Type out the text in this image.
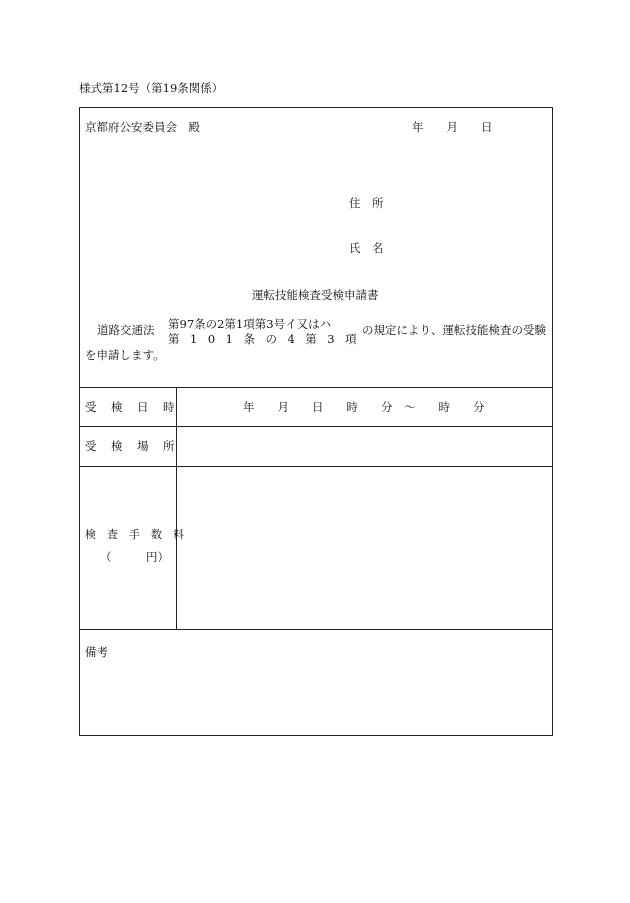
様式第12号（第19条関係）
京都府公安委員会　殿	年　　月　　日
住　所
氏　名
運転技能検査受検申請書
道路交通法 第97条の2第1項第3号イ又はハ
第101条の4第3項
の規定により、運転技能検査の受験
を申請します。
受　検　日　時	年　　月　　日　　時　　分　～　　時　　分
受　検　場　所
検　査　手　数　料
（　　　円）
備考
